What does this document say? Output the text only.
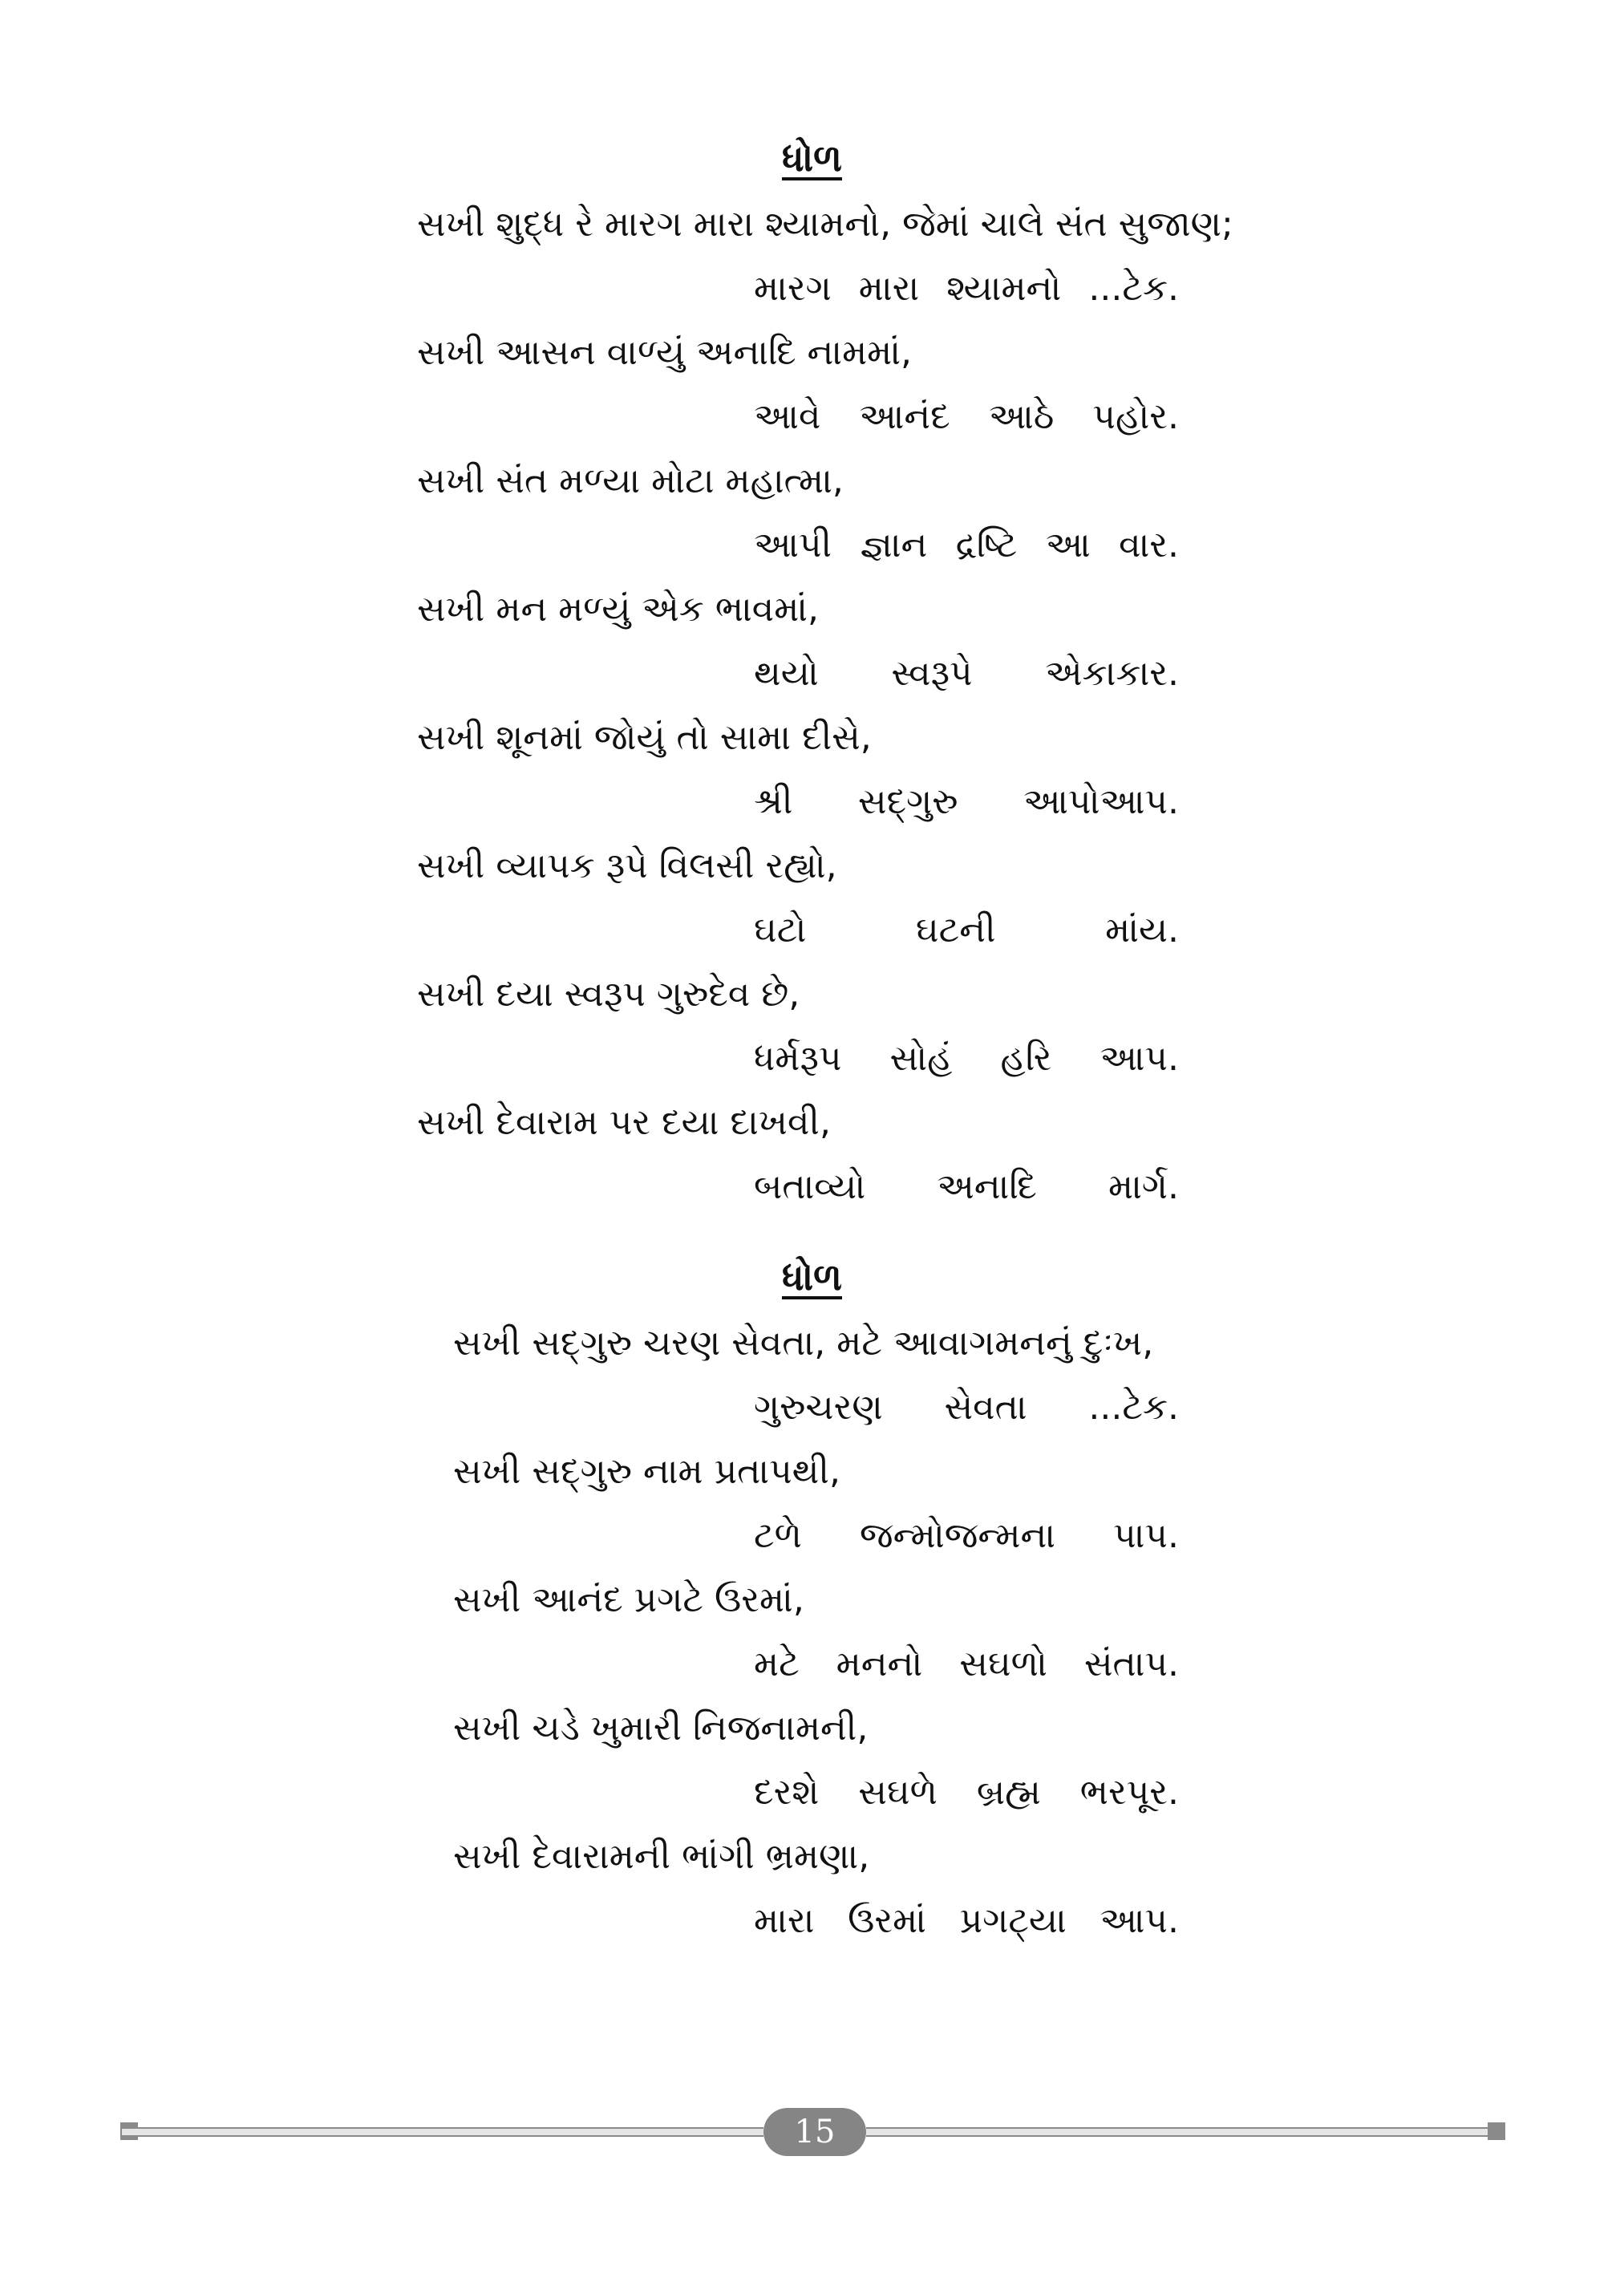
ધોળ
સખી શુદ્ધ રે મારગ મારા શ્યામનો, જેમાં ચાલે સંત સુજાણ;
મારગ મારા શ્યામનો ...ટેક.
સખી આસન વાળ્યું અનાદિ નામમાં,
આવે આનંદ આઠે પહોર.
સખી સંત મળ્યા મોટા મહાત્મા,
આપી જ્ઞાન દ્રષ્ટિ આ વાર.
સખી મન મળ્યું એક ભાવમાં,
થયો સ્વરૂપે એકાકાર.
સખી શૂનમાં જોયું તો સામા દીસે,
શ્રી સદ્‌ગુરુ આપોઆપ.
સખી વ્યાપક રૂપે વિલસી રહ્યો,
ઘટો	ઘટની	માંય.
સખી દયા સ્વરૂપ ગુરુદેવ છે,
ધર્મરૂપ સોહં હરિ આપ.
સખી દેવારામ પર દયા દાખવી,
બતાવ્યો અનાદિ માર્ગ.
ધોળ
સખી સદ્‌ગુરુ ચરણ સેવતા, મટે આવાગમનનું દુઃખ,
ગુરુચરણ સેવતા ...ટેક.
સખી સદ્‌ગુરુ નામ પ્રતાપથી,
ટળે જન્મોજન્મના પાપ.
સખી આનંદ પ્રગટે ઉરમાં,
મટે મનનો સઘળો સંતાપ.
સખી ચડે ખુમારી નિજનામની,
દરશે સઘળે બ્રહ્મ ભરપૂર.
સખી દેવારામની ભાંગી ભ્રમણા,
મારા ઉરમાં પ્રગટ્યા આપ.
15
